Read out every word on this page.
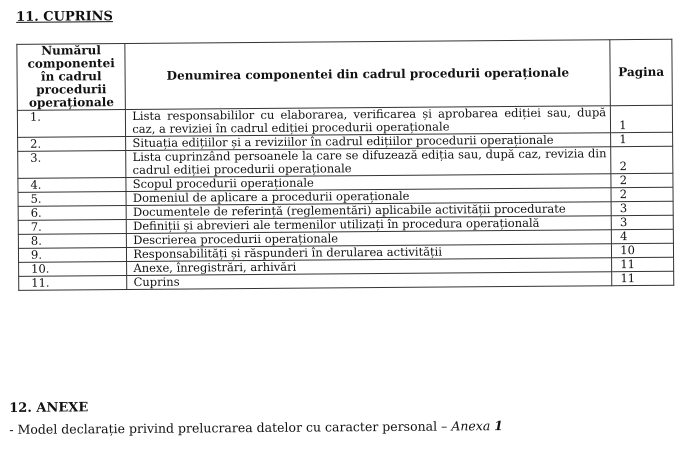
11. CUPRINS
Numărul componentei în cadrul procedurii operaționale	Denumirea componentei din cadrul procedurii operaționale	Pagina
1.	Lista responsabililor cu elaborarea, verificarea și aprobarea ediției sau, după caz, a reviziei în cadrul ediției procedurii operaționale	1
2.	Situația edițiilor și a reviziilor în cadrul edițiilor procedurii operaționale	1
3.	Lista cuprinzând persoanele la care se difuzează ediția sau, după caz, revizia din cadrul ediției procedurii operaționale	2
4.	Scopul procedurii operaționale	2
5.	Domeniul de aplicare a procedurii operaționale	2
6.	Documentele de referință (reglementări) aplicabile activității procedurate	3
7.	Definiții și abrevieri ale termenilor utilizați în procedura operațională	3
8.	Descrierea procedurii operaționale	4
9.	Responsabilități și răspunderi în derularea activității	10
10.	Anexe, înregistrări, arhivări	11
11.	Cuprins	11
12. ANEXE
- Model declarație privind prelucrarea datelor cu caracter personal – Anexa 1
